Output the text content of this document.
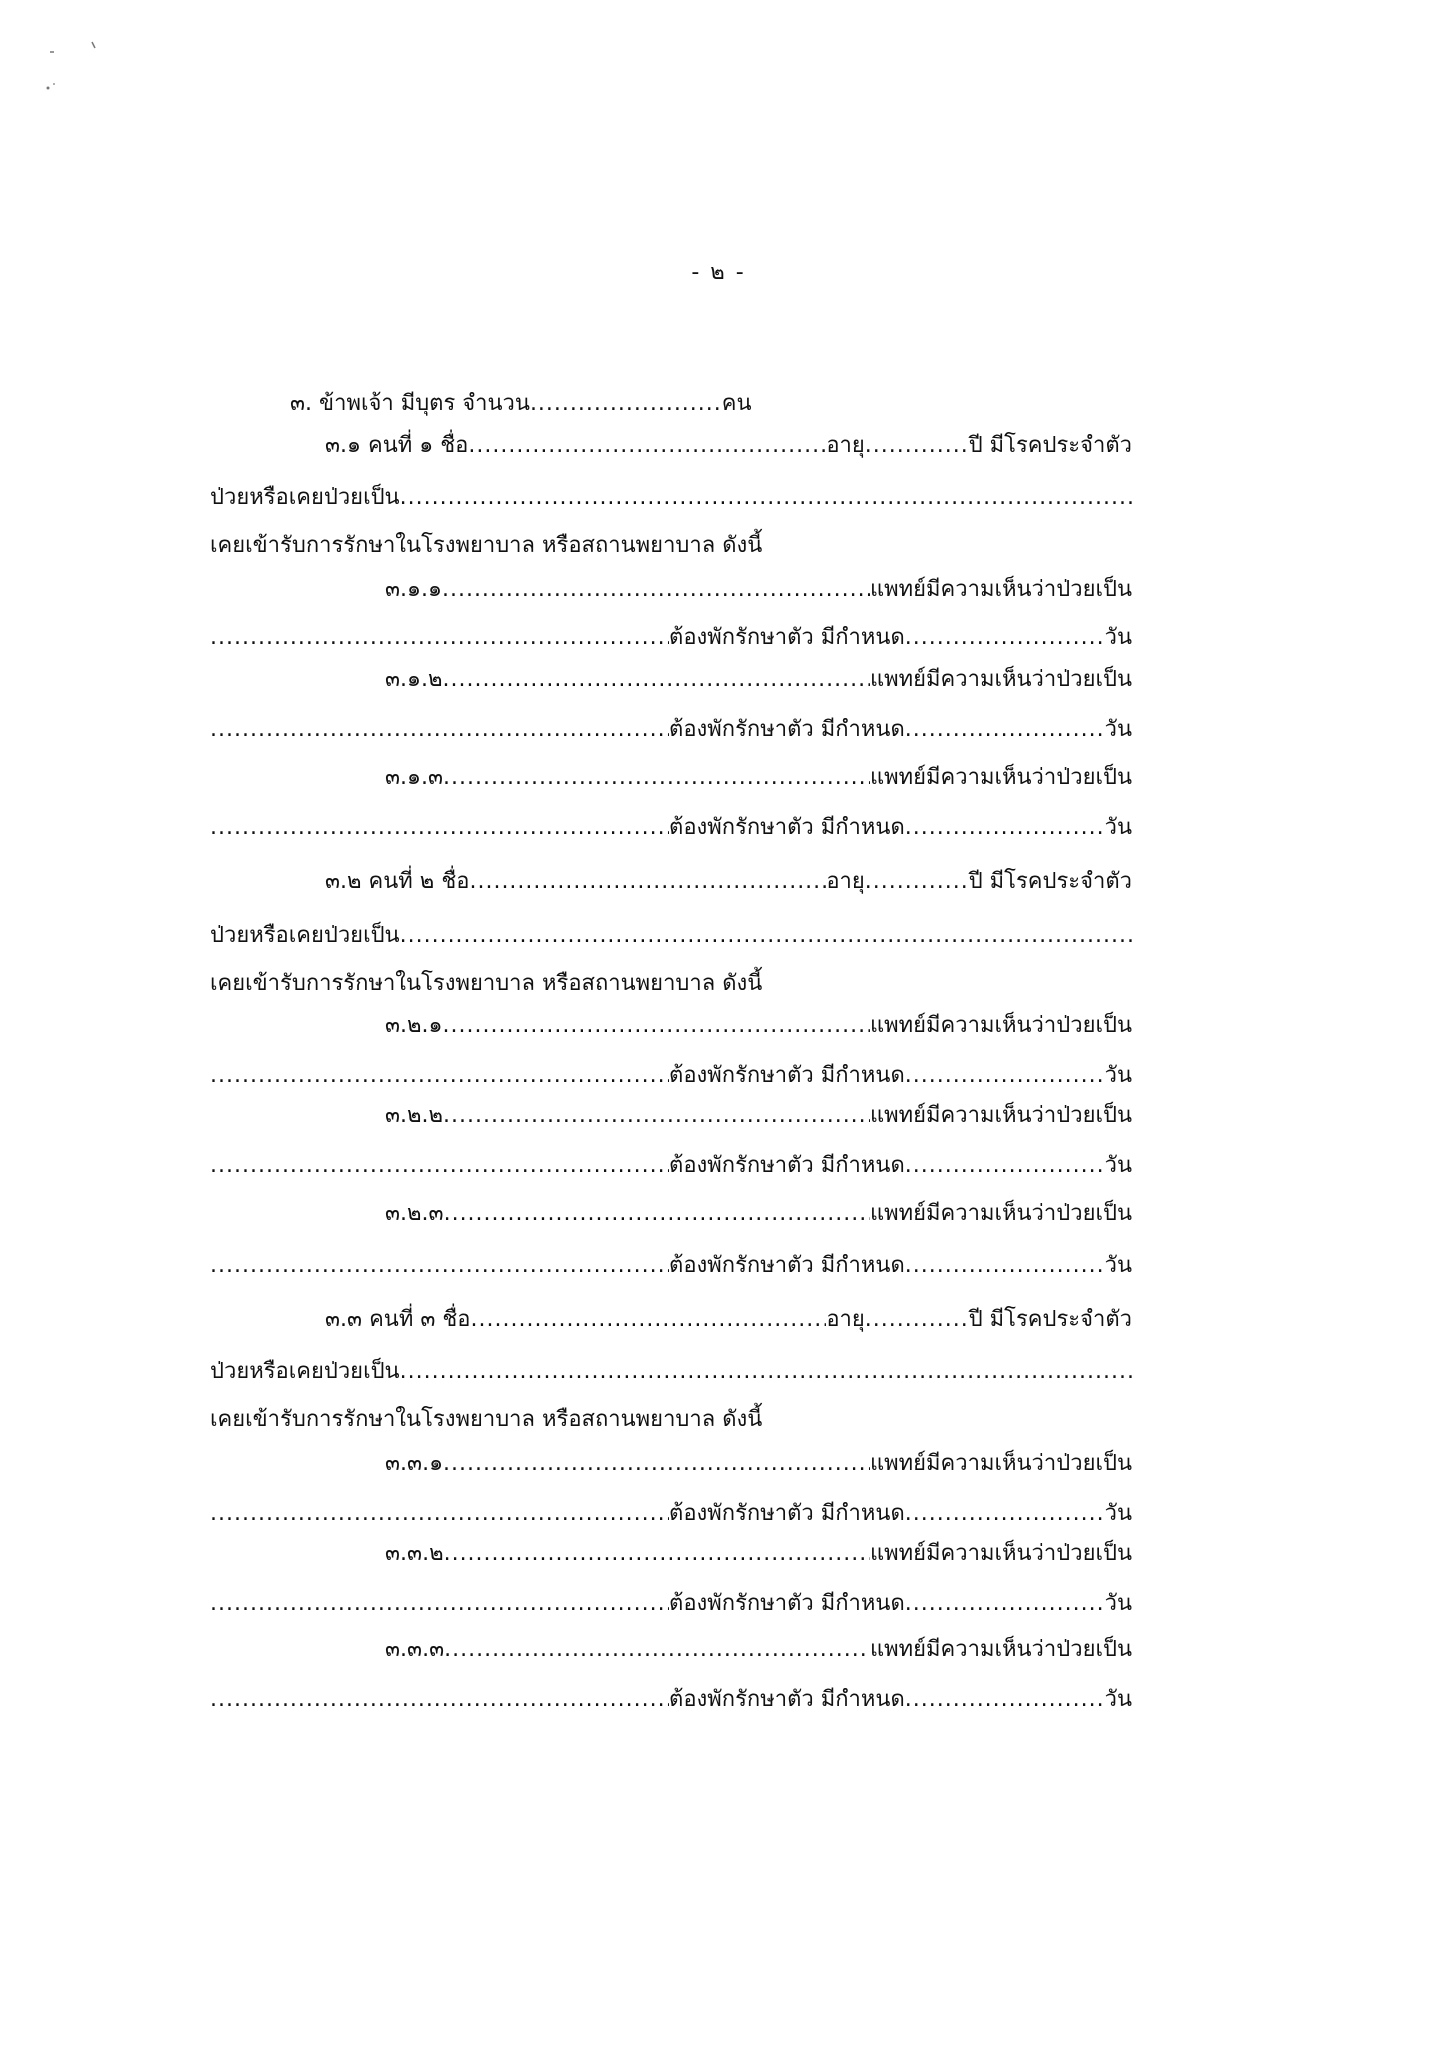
- ๒ -
๓. ข้าพเจ้า มีบุตร จำนวน........................คน
๓.๑
คนที่ ๑
ชื่อ .....	อายุ ............. ปี มีโรคประจำตัว
ป่วยหรือเคยป่วยเป็น
.....
เคยเข้ารับการรักษาในโรงพยาบาล หรือสถานพยาบาล ดังนี้
๓.๑.๑ .....	แพทย์มีความเห็นว่าป่วยเป็น
.....
ต้องพักรักษาตัว มีกำหนด ......................... วัน
๓.๑.๒ .....	แพทย์มีความเห็นว่าป่วยเป็น
.....
ต้องพักรักษาตัว มีกำหนด ......................... วัน
๓.๑.๓ .....	แพทย์มีความเห็นว่าป่วยเป็น
.....
ต้องพักรักษาตัว มีกำหนด ......................... วัน
๓.๒
คนที่ ๒
ชื่อ .....	อายุ ............. ปี มีโรคประจำตัว
ป่วยหรือเคยป่วยเป็น
.....
เคยเข้ารับการรักษาในโรงพยาบาล หรือสถานพยาบาล ดังนี้
๓.๒.๑ .....	แพทย์มีความเห็นว่าป่วยเป็น
.....
ต้องพักรักษาตัว มีกำหนด ......................... วัน
๓.๒.๒ .....	แพทย์มีความเห็นว่าป่วยเป็น
.....
ต้องพักรักษาตัว มีกำหนด ......................... วัน
๓.๒.๓ .....	แพทย์มีความเห็นว่าป่วยเป็น
.....
ต้องพักรักษาตัว มีกำหนด ......................... วัน
๓.๓
คนที่ ๓
ชื่อ .....	อายุ ............. ปี มีโรคประจำตัว
ป่วยหรือเคยป่วยเป็น
.....
เคยเข้ารับการรักษาในโรงพยาบาล หรือสถานพยาบาล ดังนี้
๓.๓.๑ .....	แพทย์มีความเห็นว่าป่วยเป็น
.....
ต้องพักรักษาตัว มีกำหนด ......................... วัน
๓.๓.๒ .....	แพทย์มีความเห็นว่าป่วยเป็น
.....
ต้องพักรักษาตัว มีกำหนด ......................... วัน
๓.๓.๓ .....	แพทย์มีความเห็นว่าป่วยเป็น
.....
ต้องพักรักษาตัว มีกำหนด ......................... วัน
